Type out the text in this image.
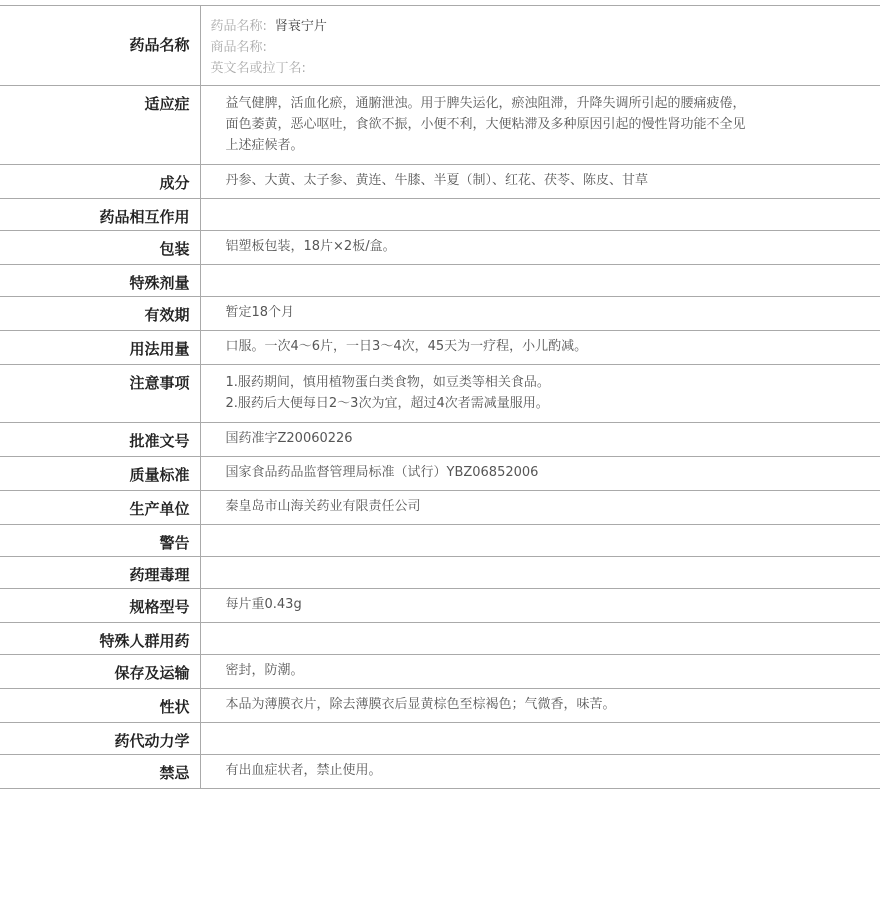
药品名称	药品名称: 肾衰宁片
商品名称:
英文名或拉丁名:

适应症	益气健脾，活血化瘀，通腑泄浊。用于脾失运化，瘀浊阻滞，升降失调所引起的腰痛疲倦，
面色萎黄，恶心呕吐，食欲不振，小便不利，大便粘滞及多种原因引起的慢性肾功能不全见
上述症候者。

成分	丹参、大黄、太子参、黄连、牛膝、半夏（制）、红花、茯苓、陈皮、甘草

药品相互作用	

包装	铝塑板包装，18片×2板/盒。

特殊剂量	

有效期	暂定18个月

用法用量	口服。一次4～6片，一日3～4次，45天为一疗程，小儿酌减。

注意事项	1.服药期间，慎用植物蛋白类食物，如豆类等相关食品。
2.服药后大便每日2～3次为宜，超过4次者需减量服用。

批准文号	国药准字Z20060226

质量标准	国家食品药品监督管理局标准（试行）YBZ06852006

生产单位	秦皇岛市山海关药业有限责任公司

警告	

药理毒理	

规格型号	每片重0.43g

特殊人群用药	

保存及运输	密封，防潮。

性状	本品为薄膜衣片，除去薄膜衣后显黄棕色至棕褐色；气微香，味苦。

药代动力学	

禁忌	有出血症状者，禁止使用。
